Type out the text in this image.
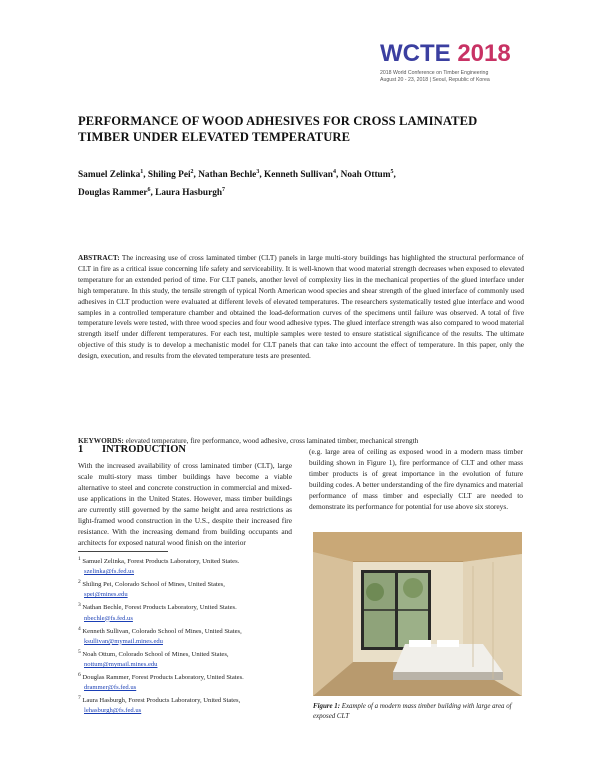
WCTE 2018
2018 World Conference on Timber Engineering
August 20 - 23, 2018 | Seoul, Republic of Korea
PERFORMANCE OF WOOD ADHESIVES FOR CROSS LAMINATED TIMBER UNDER ELEVATED TEMPERATURE
Samuel Zelinka$^1$, Shiling Pei$^2$, Nathan Bechle$^3$, Kenneth Sullivan$^4$, Noah Ottum$^5$,
Douglas Rammer$^6$, Laura Hasburgh$^7$
ABSTRACT: The increasing use of cross laminated timber (CLT) panels in large multi-story buildings has highlighted the structural performance of CLT in fire as a critical issue concerning life safety and serviceability. It is well-known that wood material strength decreases when exposed to elevated temperature for an extended period of time. For CLT panels, another level of complexity lies in the mechanical properties of the glued interface under high temperature. In this study, the tensile strength of typical North American wood species and shear strength of the glued interface of commonly used adhesives in CLT production were evaluated at different levels of elevated temperatures. The researchers systematically tested glue interface and wood samples in a controlled temperature chamber and obtained the load-deformation curves of the specimens until failure was observed. A total of five temperature levels were tested, with three wood species and four wood adhesive types. The glued interface strength was also compared to wood material strength itself under different temperatures. For each test, multiple samples were tested to ensure statistical significance of the results. The ultimate objective of this study is to develop a mechanistic model for CLT panels that can take into account the effect of temperature. In this paper, only the design, execution, and results from the elevated temperature tests are presented.
KEYWORDS: elevated temperature, fire performance, wood adhesive, cross laminated timber, mechanical strength
1 INTRODUCTION
With the increased availability of cross laminated timber (CLT), large scale multi-story mass timber buildings have become a viable alternative to steel and concrete construction in commercial and mixed-use applications in the United States. However, mass timber buildings are currently still governed by the same height and area restrictions as light-framed wood construction in the U.S., despite their increased fire resistance. With the increasing demand from building occupants and architects for exposed natural wood finish on the interior
(e.g. large area of ceiling as exposed wood in a modern mass timber building shown in Figure 1), fire performance of CLT and other mass timber products is of great importance in the evolution of future building codes. A better understanding of the fire dynamics and material performance of mass timber and especially CLT are needed to demonstrate its performance for potential for use above six storeys.

$^1$ Samuel Zelinka, Forest Products Laboratory, United States.
szelinka@fs.fed.us

$^2$ Shiling Pei, Colorado School of Mines, United States,
spei@mines.edu

$^3$ Nathan Bechle, Forest Products Laboratory, United States.
nbechle@fs.fed.us

$^4$ Kenneth Sullivan, Colorado School of Mines, United States,
ksullivan@mymail.mines.edu

$^5$ Noah Ottum, Colorado School of Mines, United States,
nottum@mymail.mines.edu

$^6$ Douglas Rammer, Forest Products Laboratory, United States.
drammer@fs.fed.us

$^7$ Laura Hasburgh, Forest Products Laboratory, United States,
lehasburgh@fs.fed.us

Figure 1: Example of a modern mass timber building with large area of exposed CLT
